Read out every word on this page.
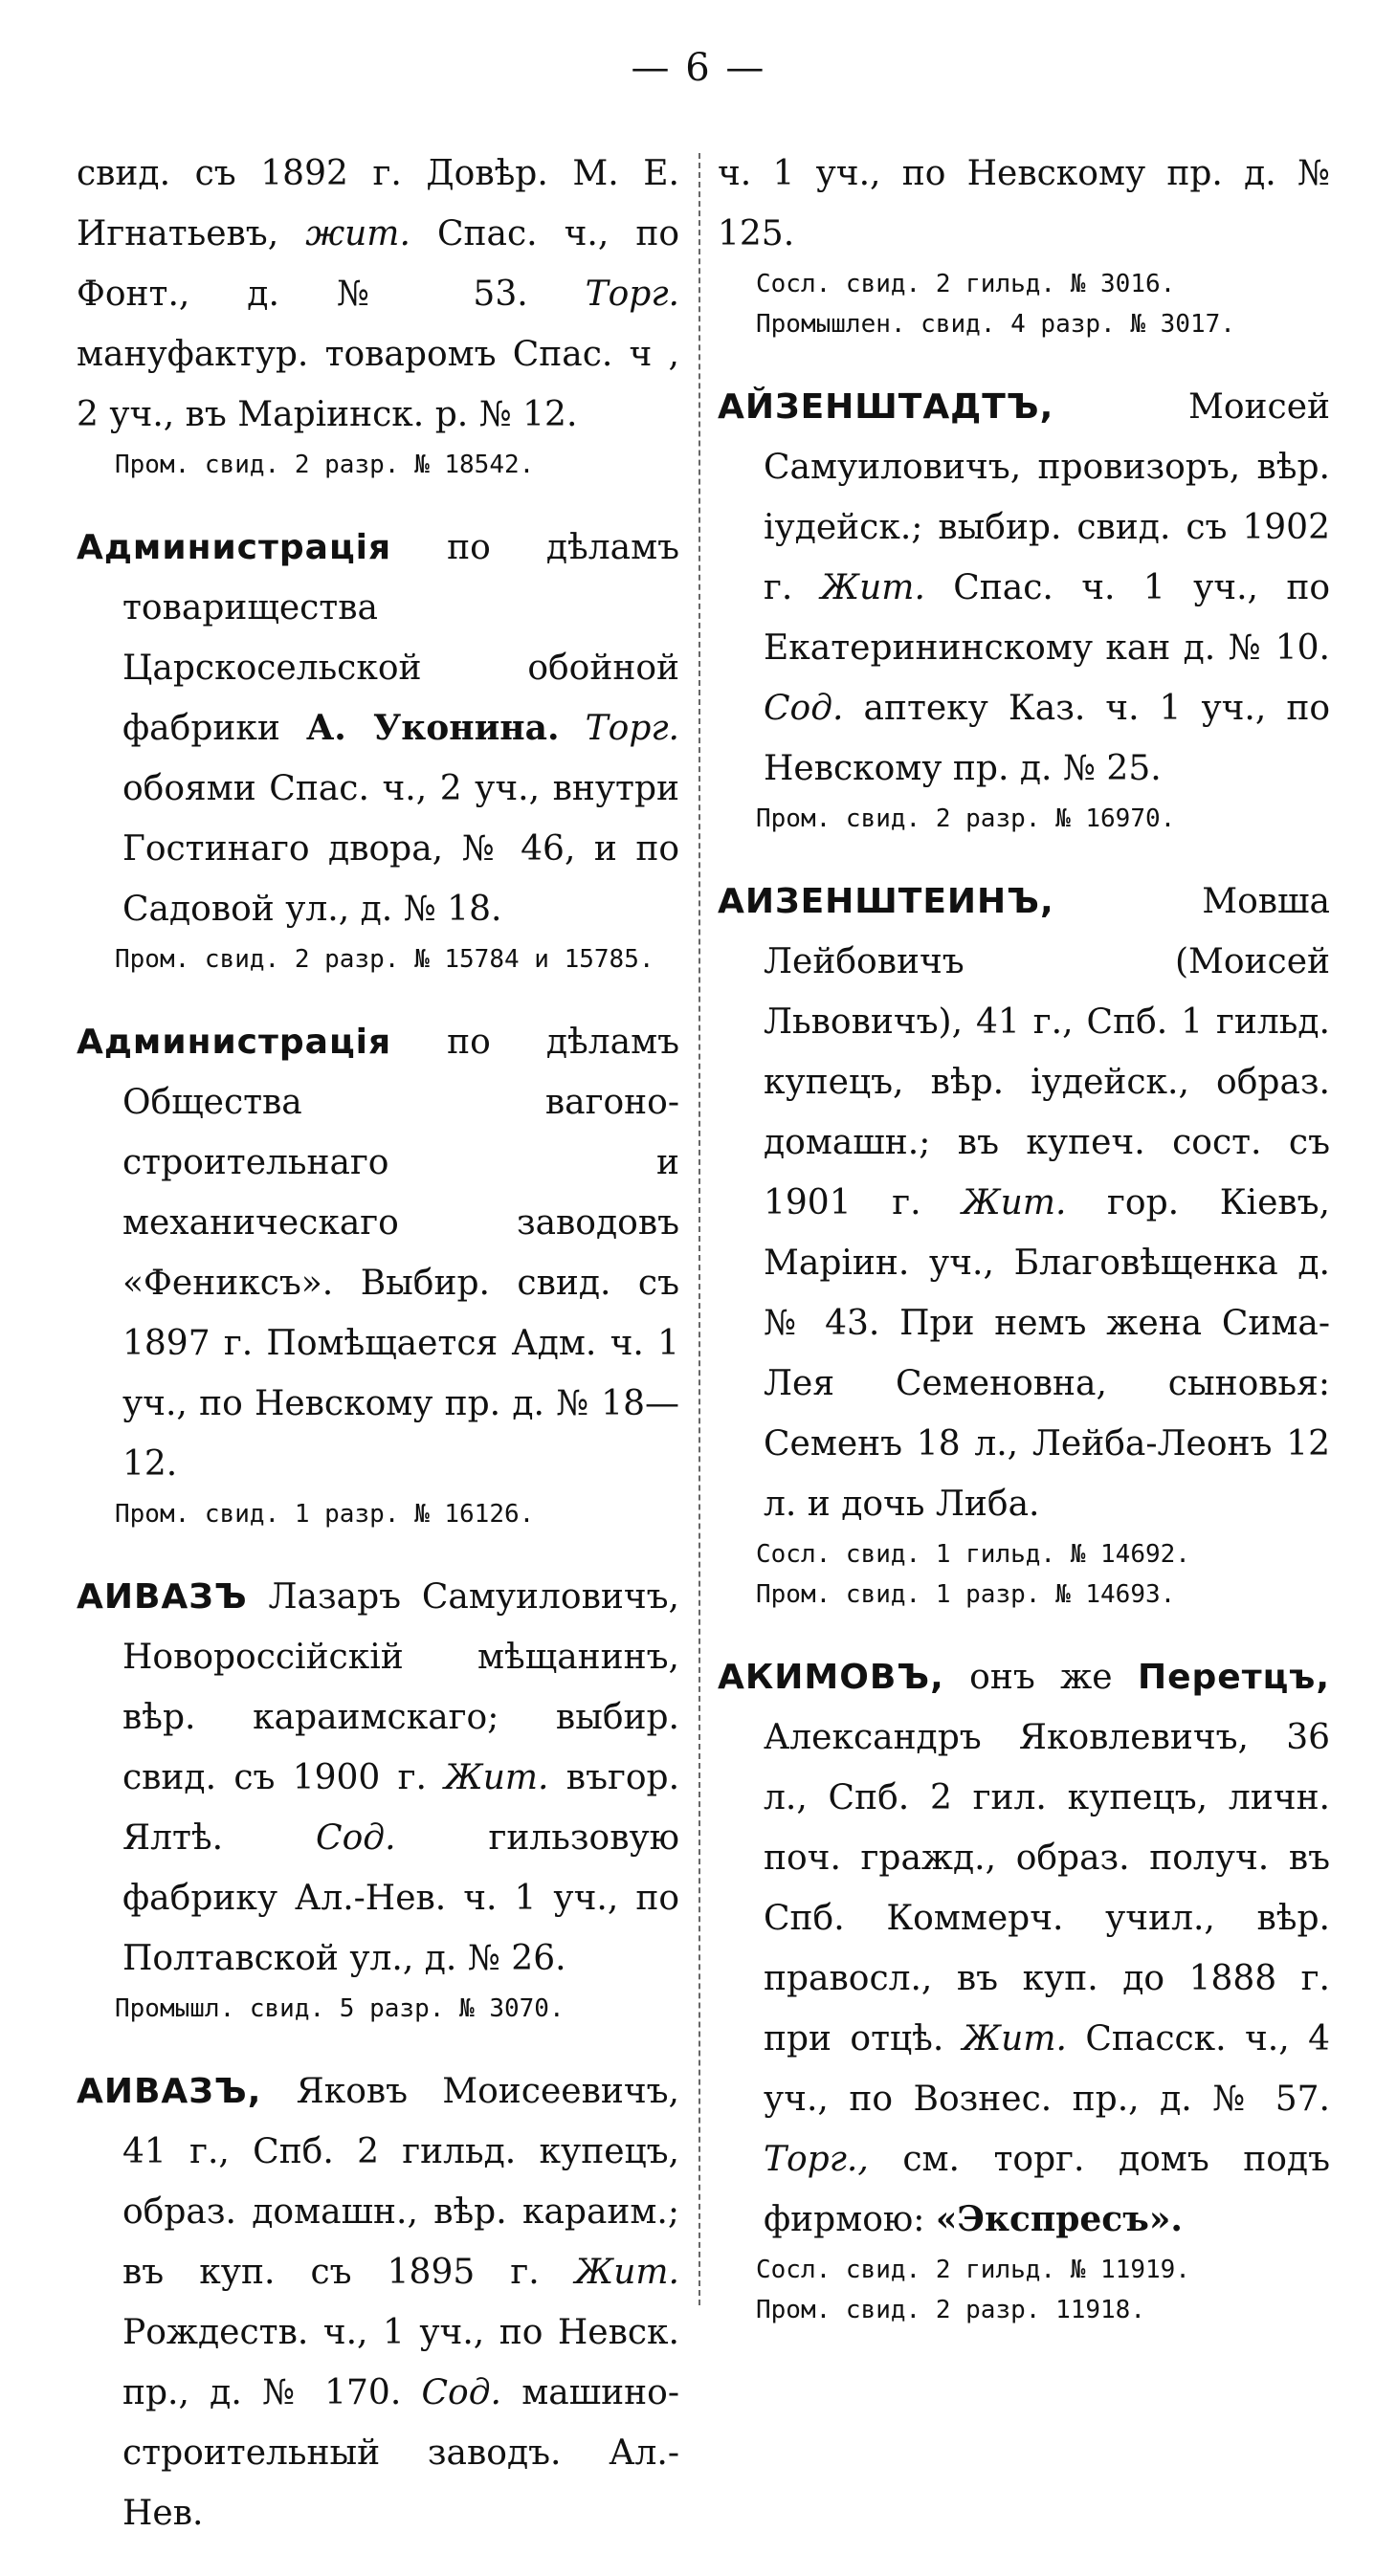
— 6 —

свид. съ 1892 г. Довѣр. М. Е. Игнатьевъ, жит. Спас. ч., по Фонт., д. № 53. Торг. мануфактур. товаромъ Спас. ч , 2 уч., въ Маріинск. р. № 12.

Пром. свид. 2 разр. № 18542.

Администрація по дѣламъ товарищества Царскосельской обойной фабрики А. Уконина. Торг. обоями Спас. ч., 2 уч., внутри Гостинаго двора, № 46, и по Садовой ул., д. № 18.

Пром. свид. 2 разр. № 15784 и 15785.

Администрація по дѣламъ Общества вагоно-строительнаго и механическаго заводовъ «Фениксъ». Выбир. свид. съ 1897 г. Помѣщается Адм. ч. 1 уч., по Невскому пр. д. № 18—12.

Пром. свид. 1 разр. № 16126.

АИВАЗЪ Лазаръ Самуиловичъ, Новороссійскій мѣщанинъ, вѣр. караимскаго; выбир. свид. съ 1900 г. Жит. въгор. Ялтѣ. Сод. гильзовую фабрику Ал.-Нев. ч. 1 уч., по Полтавской ул., д. № 26.

Промышл. свид. 5 разр. № 3070.

АИВАЗЪ, Яковъ Моисеевичъ, 41 г., Спб. 2 гильд. купецъ, образ. домашн., вѣр. караим.; въ куп. съ 1895 г. Жит. Рождеств. ч., 1 уч., по Невск. пр., д. № 170. Сод. машино-строительный заводъ. Ал.-Нев.

ч. 1 уч., по Невскому пр. д. № 125.

Сосл. свид. 2 гильд. № 3016.

Промышлен. свид. 4 разр. № 3017.

АЙЗЕНШТАДТЪ, Моисей Самуиловичъ, провизоръ, вѣр. іудейск.; выбир. свид. съ 1902 г. Жит. Спас. ч. 1 уч., по Екатерининскому кан д. № 10. Сод. аптеку Каз. ч. 1 уч., по Невскому пр. д. № 25.

Пром. свид. 2 разр. № 16970.

АИЗЕНШТЕИНЪ, Мовша Лейбовичъ (Моисей Львовичъ), 41 г., Спб. 1 гильд. купецъ, вѣр. іудейск., образ. домашн.; въ купеч. сост. съ 1901 г. Жит. гор. Кіевъ, Маріин. уч., Благовѣщенка д. № 43. При немъ жена Сима-Лея Семеновна, сыновья: Семенъ 18 л., Лейба-Леонъ 12 л. и дочь Либа.

Сосл. свид. 1 гильд. № 14692.

Пром. свид. 1 разр. № 14693.

АКИМОВЪ, онъ же Перетцъ, Александръ Яковлевичъ, 36 л., Спб. 2 гил. купецъ, личн. поч. гражд., образ. получ. въ Спб. Коммерч. учил., вѣр. правосл., въ куп. до 1888 г. при отцѣ. Жит. Спасск. ч., 4 уч., по Вознес. пр., д. № 57. Торг., см. торг. домъ подъ фирмою: «Экспресъ».

Сосл. свид. 2 гильд. № 11919.

Пром. свид. 2 разр. 11918.
